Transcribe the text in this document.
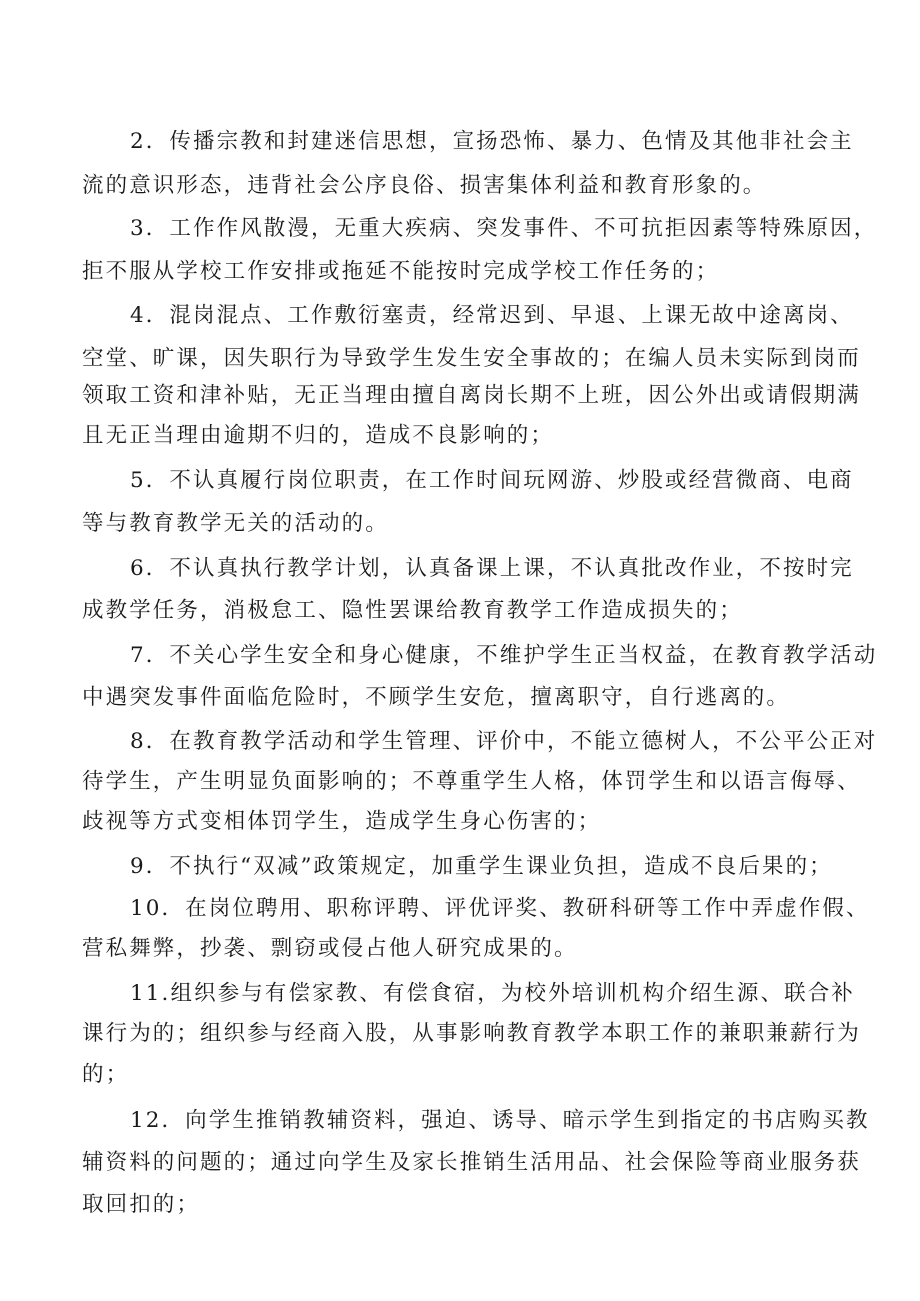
2．传播宗教和封建迷信思想，宣扬恐怖、暴力、色情及其他非社会主
流的意识形态，违背社会公序良俗、损害集体利益和教育形象的。
3．工作作风散漫，无重大疾病、突发事件、不可抗拒因素等特殊原因，
拒不服从学校工作安排或拖延不能按时完成学校工作任务的；
4．混岗混点、工作敷衍塞责，经常迟到、早退、上课无故中途离岗、
空堂、旷课，因失职行为导致学生发生安全事故的；在编人员未实际到岗而
领取工资和津补贴，无正当理由擅自离岗长期不上班，因公外出或请假期满
且无正当理由逾期不归的，造成不良影响的；
5．不认真履行岗位职责，在工作时间玩网游、炒股或经营微商、电商
等与教育教学无关的活动的。
6．不认真执行教学计划，认真备课上课，不认真批改作业，不按时完
成教学任务，消极怠工、隐性罢课给教育教学工作造成损失的；
7．不关心学生安全和身心健康，不维护学生正当权益，在教育教学活动
中遇突发事件面临危险时，不顾学生安危，擅离职守，自行逃离的。
8．在教育教学活动和学生管理、评价中，不能立德树人，不公平公正对
待学生，产生明显负面影响的；不尊重学生人格，体罚学生和以语言侮辱、
歧视等方式变相体罚学生，造成学生身心伤害的；
9．不执行“双减”政策规定，加重学生课业负担，造成不良后果的；
10．在岗位聘用、职称评聘、评优评奖、教研科研等工作中弄虚作假、
营私舞弊，抄袭、剽窃或侵占他人研究成果的。
11.组织参与有偿家教、有偿食宿，为校外培训机构介绍生源、联合补
课行为的；组织参与经商入股，从事影响教育教学本职工作的兼职兼薪行为
的；
12．向学生推销教辅资料，强迫、诱导、暗示学生到指定的书店购买教
辅资料的问题的；通过向学生及家长推销生活用品、社会保险等商业服务获
取回扣的；
